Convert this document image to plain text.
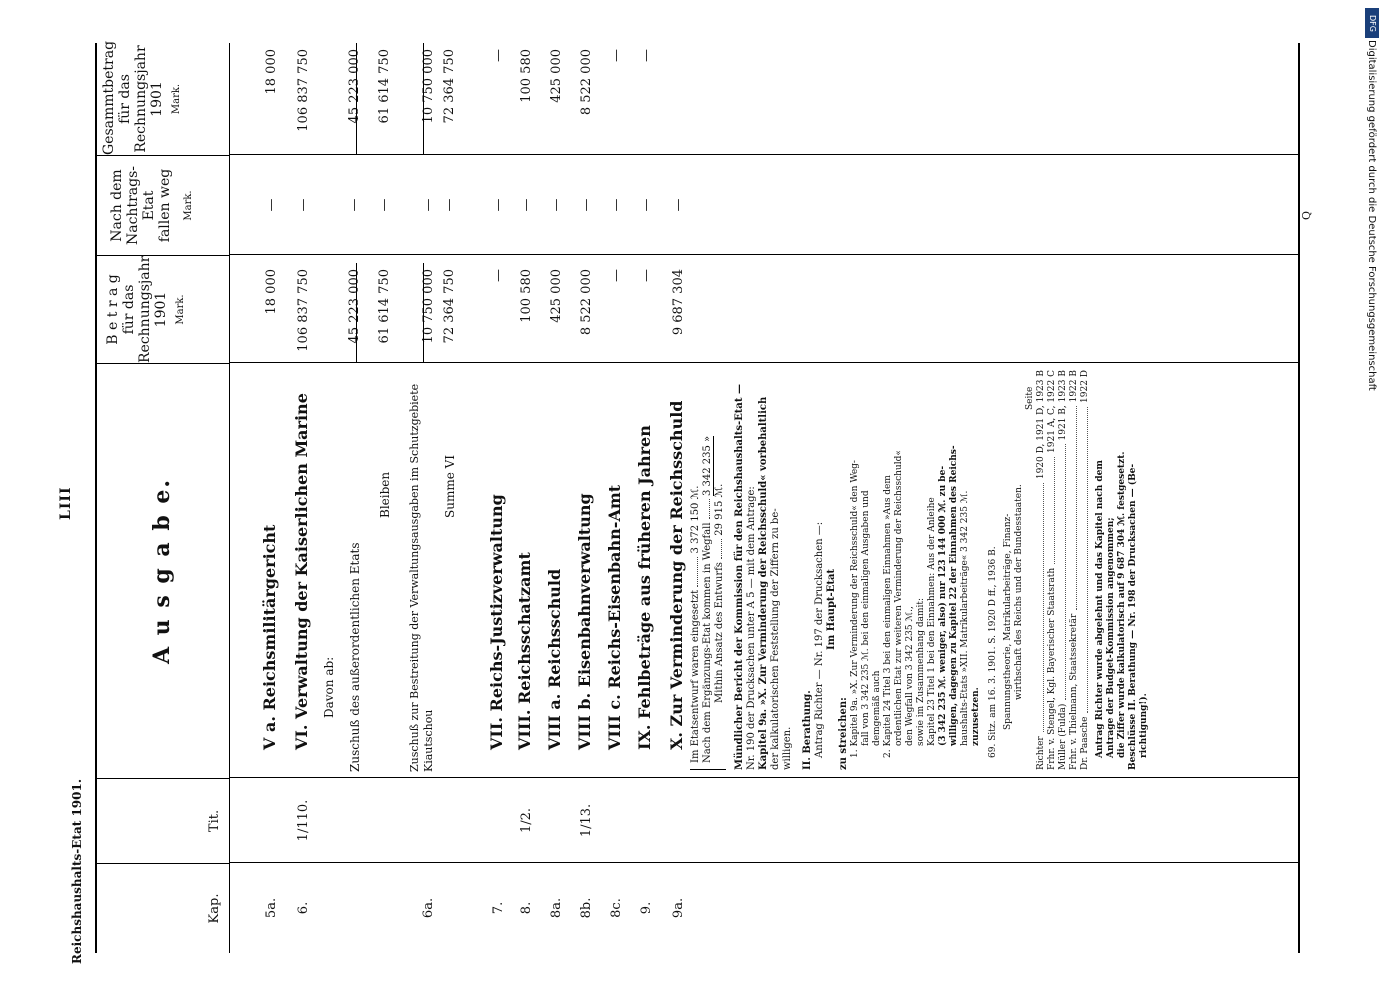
DFG
Digitalisierung gefördert durch die Deutsche Forschungsgemeinschaft
Reichshaushalts-Etat 1901.
LIII
Q
Kap.
Tit.
A u s g a b e.
B e t r a g für das Rechnungsjahr 1901 Mark.
Nach dem Nachtrags-Etat fallen weg Mark.
Gesammtbetrag für das Rechnungsjahr 1901 Mark.
5a.
V a. Reichsmilitärgericht
18 000
—
18 000
6.
1/110.
VI. Verwaltung der Kaiserlichen Marine
106 837 750
—
106 837 750
Davon ab:	Zuschuß des außerordentlichen Etats
45 223 000
—
45 223 000
Bleiben
61 614 750
—
61 614 750
6a.
Zuschuß zur Bestreitung der Verwaltungsausgaben im Schutzgebiete Kiautschou
10 750 000
—
10 750 000
Summe VI
72 364 750
—
72 364 750
7.
VII. Reichs-Justizverwaltung
—
—
—
8.
1/2.
VIII. Reichsschatzamt
100 580
—
100 580
8a.
VIII a. Reichsschuld
425 000
—
425 000
8b.
1/13.
VIII b. Eisenbahnverwaltung
8 522 000
—
8 522 000
8c.
VIII c. Reichs-Eisenbahn-Amt
—
—
—
9.
IX. Fehlbeträge aus früheren Jahren
—
—
—
9a.
X. Zur Verminderung der Reichsschuld
9 687 304
—
Im Etatsentwurf waren eingesetzt  3 372 150 ℳ.
Nach dem Ergänzungs-Etat kommen in Wegfall  3 342 235 »
Mithin Ansatz des Entwurfs  29 915 ℳ. Mündlicher Bericht der Kommission für den Reichshaushalts-Etat — Nr. 190 der Drucksachen unter A 5 — mit dem Antrage: Kapitel 9a. »X. Zur Verminderung der Reichsschuld« vorbehaltlich der kalkulatorischen Feststellung der Ziffern zu be- willigen. II. Berathung. Antrag Richter — Nr. 197 der Drucksachen —: Im Haupt-Etat
zu streichen: 1. Kapitel 9a. »X. Zur Verminderung der Reichsschuld« den Weg- fall von 3 342 235 ℳ. bei den einmaligen Ausgaben und demgemäß auch 2. Kapitel 24 Titel 3 bei den einmaligen Einnahmen »Aus dem ordentlichen Etat zur weiteren Verminderung der Reichsschuld« den Wegfall von 3 342 235 ℳ., sowie im Zusammenhang damit: Kapitel 23 Titel 1 bei den Einnahmen: Aus der Anleihe (3 342 235 ℳ. weniger, also) nur 123 144 000 ℳ. zu be- willigen, dagegen zu Kapitel 22 der Einnahmen des Reichs- haushalts-Etats »XII. Matrikularbeiträge« 3 342 235 ℳ. zuzusetzen. 69. Sitz. am 16. 3. 1901. S. 1920 D ff., 1936 B. Spannungstheorie, Matrikularbeiträge, Finanz- wirthschaft des Reichs und der Bundesstaaten.
Seite
Richter
1920 D, 1921 D, 1923 B
Frhr. v. Stengel, Kgl. Bayerischer Staatsrath
1921 A, C, 1922 C
Müller (Fulda)
1921 B, 1923 B
Frhr. v. Thielmann, Staatssekretär
1922 B
Dr. Paasche
1922 D
Antrag Richter wurde abgelehnt und das Kapitel nach dem Antrage der Budget-Kommission angenommen; die Ziffer wurde kalkulatorisch auf 9 687 304 ℳ. festgesetzt. Beschlüsse II. Berathung — Nr. 198 der Drucksachen — (Be- richtigung!).
